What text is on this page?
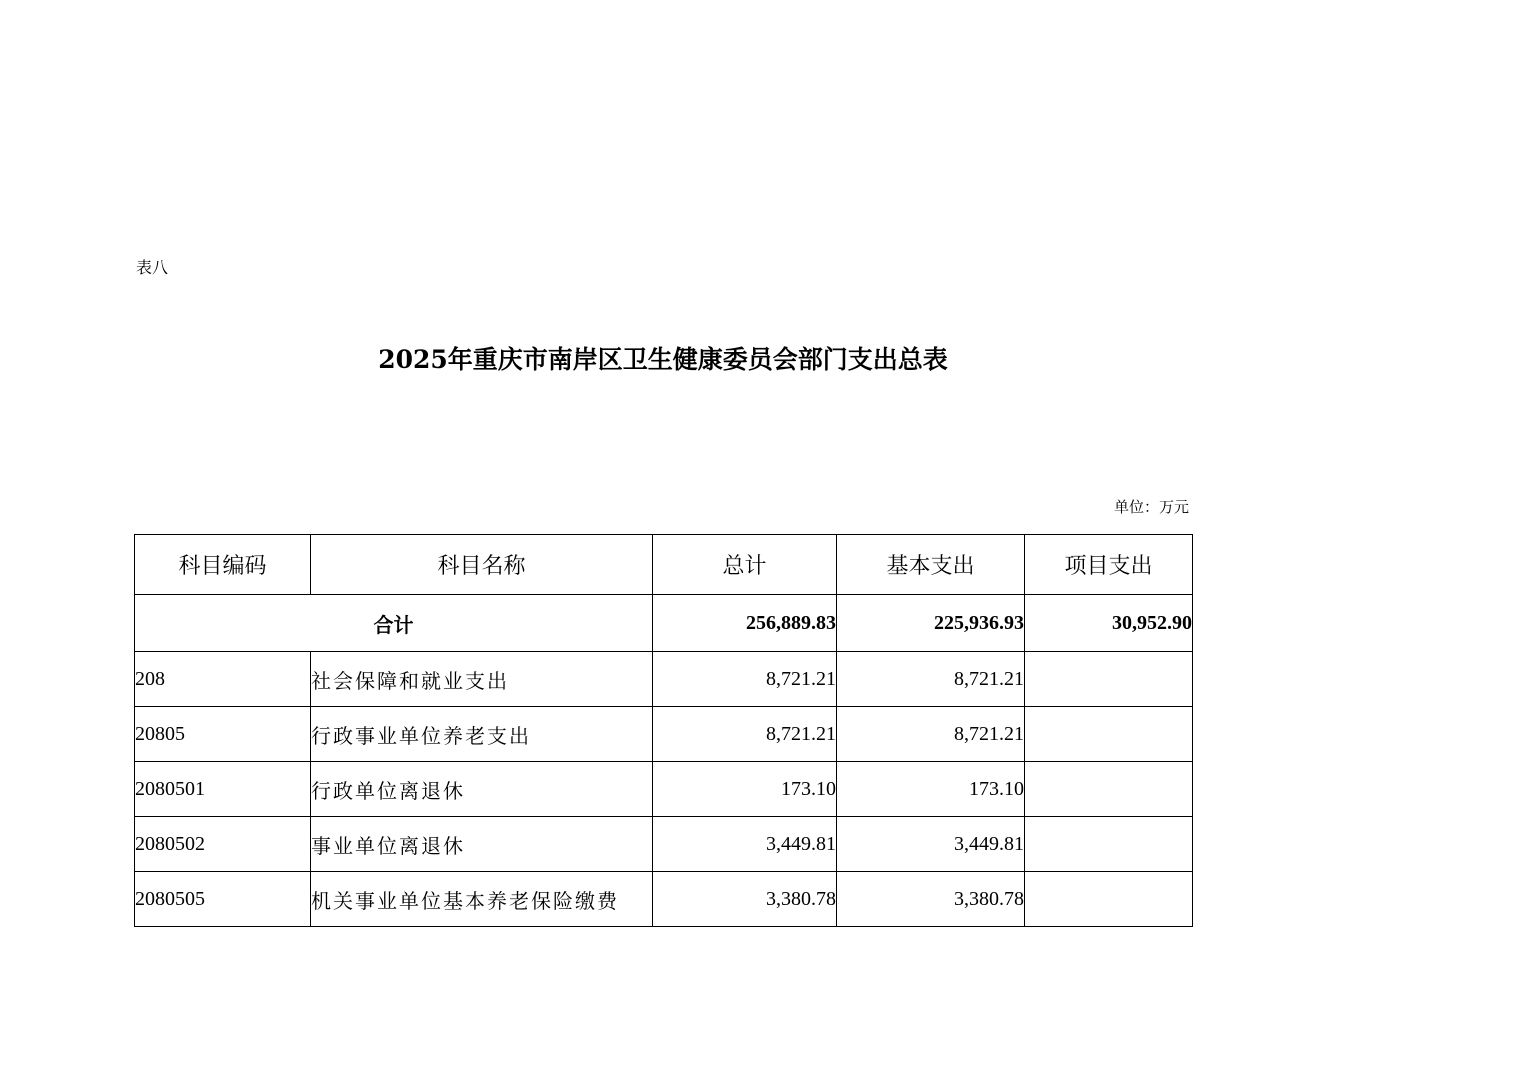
表八
2025年重庆市南岸区卫生健康委员会部门支出总表
单位：万元
科目编码	科目名称	总计	基本支出	项目支出
合计		256,889.83	225,936.93	30,952.90
208	社会保障和就业支出	8,721.21	8,721.21	
20805	行政事业单位养老支出	8,721.21	8,721.21	
2080501	行政单位离退休	173.10	173.10	
2080502	事业单位离退休	3,449.81	3,449.81	
2080505	机关事业单位基本养老保险缴费	3,380.78	3,380.78	
